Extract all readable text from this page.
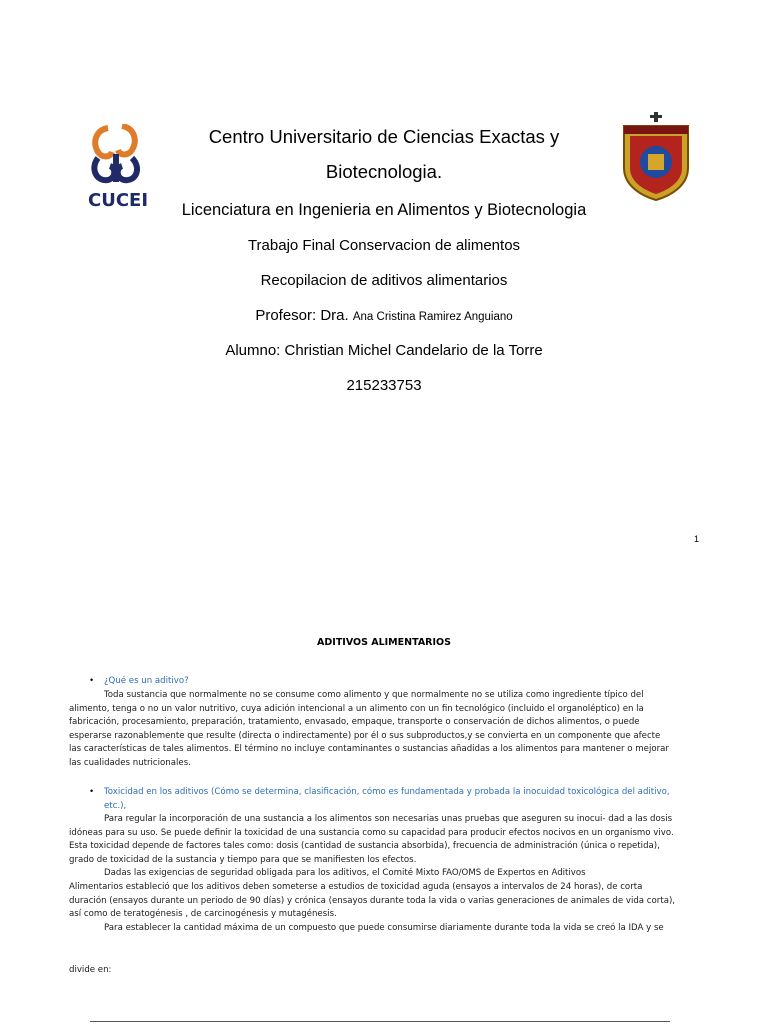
CUCEI
Centro Universitario de Ciencias Exactas y
Biotecnologia.
Licenciatura en Ingenieria en Alimentos y Biotecnologia
Trabajo Final Conservacion de alimentos
Recopilacion de aditivos alimentarios
Profesor: Dra. Ana Cristina Ramirez Anguiano
Alumno: Christian Michel Candelario de la Torre
215233753
1
ADITIVOS ALIMENTARIOS
• ¿Qué es un aditivo?
Toda sustancia que normalmente no se consume como alimento y que normalmente no se utiliza como ingrediente típico del
alimento, tenga o no un valor nutritivo, cuya adición intencional a un alimento con un fin tecnológico (incluido el organoléptico) en la
fabricación, procesamiento, preparación, tratamiento, envasado, empaque, transporte o conservación de dichos alimentos, o puede
esperarse razonablemente que resulte (directa o indirectamente) por él o sus subproductos,y se convierta en un componente que afecte
las características de tales alimentos. El término no incluye contaminantes o sustancias añadidas a los alimentos para mantener o mejorar
las cualidades nutricionales.
• Toxicidad en los aditivos (Cómo se determina, clasificación, cómo es fundamentada y probada la inocuidad toxicológica del aditivo,
etc.),
Para regular la incorporación de una sustancia a los alimentos son necesarias unas pruebas que aseguren su inocui- dad a las dosis
idóneas para su uso. Se puede definir la toxicidad de una sustancia como su capacidad para producir efectos nocivos en un organismo vivo.
Esta toxicidad depende de factores tales como: dosis (cantidad de sustancia absorbida), frecuencia de administración (única o repetida),
grado de toxicidad de la sustancia y tiempo para que se manifiesten los efectos.
Dadas las exigencias de seguridad obligada para los aditivos, el Comité Mixto FAO/OMS de Expertos en Aditivos
Alimentarios estableció que los aditivos deben someterse a estudios de toxicidad aguda (ensayos a intervalos de 24 horas), de corta
duración (ensayos durante un periodo de 90 días) y crónica (ensayos durante toda la vida o varias generaciones de animales de vida corta),
así como de teratogénesis , de carcinogénesis y mutagénesis.
Para establecer la cantidad máxima de un compuesto que puede consumirse diariamente durante toda la vida se creó la IDA y se
divide en:
